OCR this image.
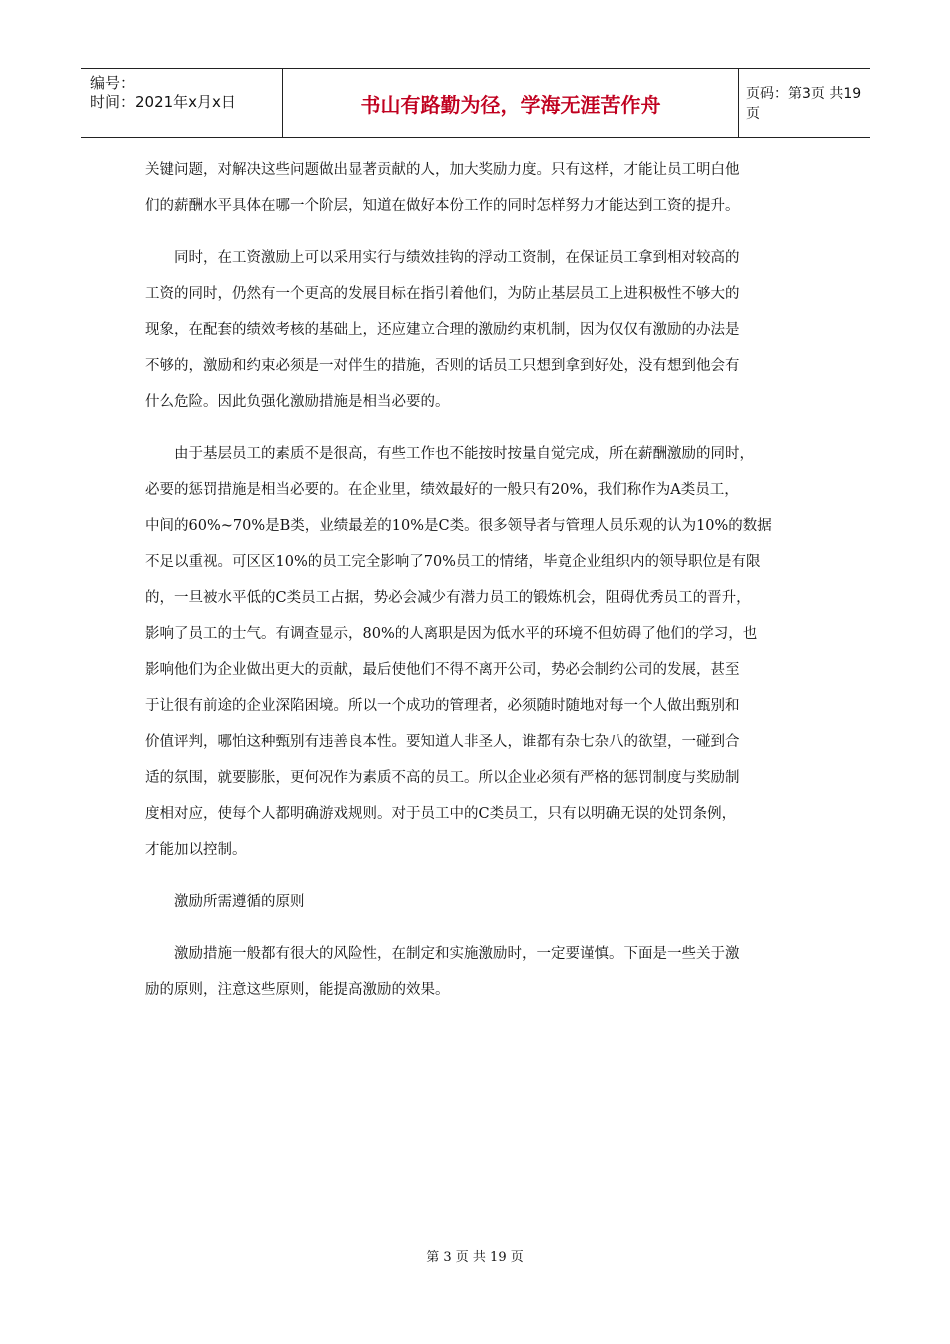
编号：
时间：2021年x月x日	书山有路勤为径，学海无涯苦作舟	页码：第3页 共19页

关键问题，对解决这些问题做出显著贡献的人，加大奖励力度。只有这样，才能让员工明白他
们的薪酬水平具体在哪一个阶层，知道在做好本份工作的同时怎样努力才能达到工资的提升。

同时，在工资激励上可以采用实行与绩效挂钩的浮动工资制，在保证员工拿到相对较高的
工资的同时，仍然有一个更高的发展目标在指引着他们，为防止基层员工上进积极性不够大的
现象，在配套的绩效考核的基础上，还应建立合理的激励约束机制，因为仅仅有激励的办法是
不够的，激励和约束必须是一对伴生的措施，否则的话员工只想到拿到好处，没有想到他会有
什么危险。因此负强化激励措施是相当必要的。

由于基层员工的素质不是很高，有些工作也不能按时按量自觉完成，所在薪酬激励的同时，
必要的惩罚措施是相当必要的。在企业里，绩效最好的一般只有20%，我们称作为A类员工，
中间的60%~70%是B类，业绩最差的10%是C类。很多领导者与管理人员乐观的认为10%的数据
不足以重视。可区区10%的员工完全影响了70%员工的情绪，毕竟企业组织内的领导职位是有限
的，一旦被水平低的C类员工占据，势必会减少有潜力员工的锻炼机会，阻碍优秀员工的晋升，
影响了员工的士气。有调查显示，80%的人离职是因为低水平的环境不但妨碍了他们的学习，也
影响他们为企业做出更大的贡献，最后使他们不得不离开公司，势必会制约公司的发展，甚至
于让很有前途的企业深陷困境。所以一个成功的管理者，必须随时随地对每一个人做出甄别和
价值评判，哪怕这种甄别有违善良本性。要知道人非圣人，谁都有杂七杂八的欲望，一碰到合
适的氛围，就要膨胀，更何况作为素质不高的员工。所以企业必须有严格的惩罚制度与奖励制
度相对应，使每个人都明确游戏规则。对于员工中的C类员工，只有以明确无误的处罚条例，
才能加以控制。

激励所需遵循的原则

激励措施一般都有很大的风险性，在制定和实施激励时，一定要谨慎。下面是一些关于激
励的原则，注意这些原则，能提高激励的效果。

第 3 页 共 19 页
